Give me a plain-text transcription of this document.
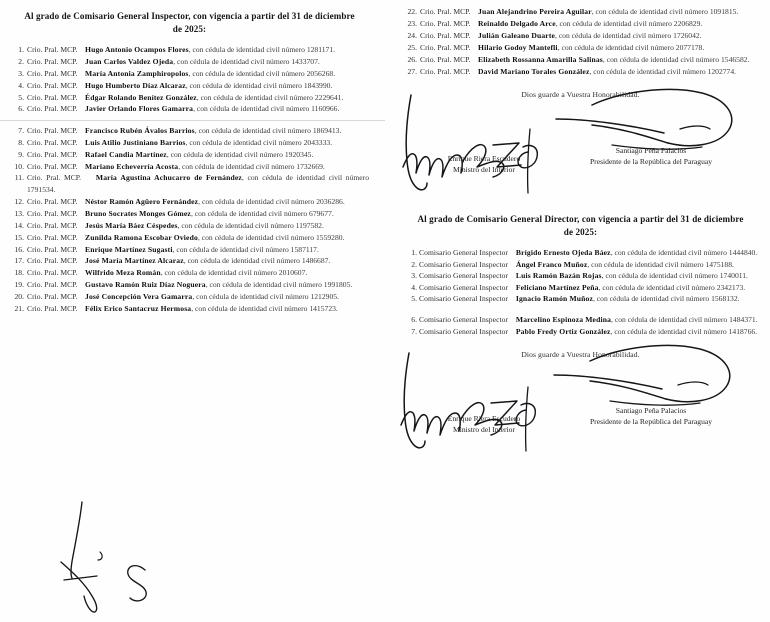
Al grado de Comisario General Inspector, con vigencia a partir del 31 de diciembre de 2025:
1. Crio. Pral. MCP.    Hugo Antonio Ocampos Flores, con cédula de identidad civil número 1281171.
2. Crio. Pral. MCP.    Juan Carlos Valdez Ojeda, con cédula de identidad civil número 1433707.
3. Crio. Pral. MCP.    María Antonia Zamphiropolos, con cédula de identidad civil número 2056268.
4. Crio. Pral. MCP.    Hugo Humberto Díaz Alcaraz, con cédula de identidad civil número 1843990.
5. Crio. Pral. MCP.    Édgar Rolando Benítez González, con cédula de identidad civil número 2229641.
6. Crio. Pral. MCP.    Javier Orlando Flores Gamarra, con cédula de identidad civil número 1160966.
7. Crio. Pral. MCP.    Francisco Rubén Ávalos Barrios, con cédula de identidad civil número 1869413.
8. Crio. Pral. MCP.    Luis Atilio Justiniano Barrios, con cédula de identidad civil número 2043333.
9. Crio. Pral. MCP.    Rafael Candia Martínez, con cédula de identidad civil número 1920345.
10. Crio. Pral. MCP.    Mariano Echeverría Acosta, con cédula de identidad civil número 1732669.
11. Crio. Pral. MCP.    María Agustina Achucarro de Fernández, con cédula de identidad civil número 1791534.
12. Crio. Pral. MCP.    Néstor Ramón Agüero Fernández, con cédula de identidad civil número 2036286.
13. Crio. Pral. MCP.    Bruno Socrates Monges Gómez, con cédula de identidad civil número 679677.
14. Crio. Pral. MCP.    Jesús María Báez Céspedes, con cédula de identidad civil número 1197582.
15. Crio. Pral. MCP.    Zunilda Ramona Escobar Oviedo, con cédula de identidad civil número 1559280.
16. Crio. Pral. MCP.    Enrique Martínez Sugasti, con cédula de identidad civil número 1587117.
17. Crio. Pral. MCP.    José María Martínez Alcaraz, con cédula de identidad civil número 1486687.
18. Crio. Pral. MCP.    Wilfrido Meza Román, con cédula de identidad civil número 2010607.
19. Crio. Pral. MCP.    Gustavo Ramón Ruiz Díaz Noguera, con cédula de identidad civil número 1991805.
20. Crio. Pral. MCP.    José Concepción Vera Gamarra, con cédula de identidad civil número 1212905.
21. Crio. Pral. MCP.    Félix Erico Santacruz Hermosa, con cédula de identidad civil número 1415723.
22. Crio. Pral. MCP.    Juan Alejandrino Pereira Aguilar, con cédula de identidad civil número 1091815.
23. Crio. Pral. MCP.    Reinaldo Delgado Arce, con cédula de identidad civil número 2206829.
24. Crio. Pral. MCP.    Julián Galeano Duarte, con cédula de identidad civil número 1726042.
25. Crio. Pral. MCP.    Hilario Godoy Mantefli, con cédula de identidad civil número 2077178.
26. Crio. Pral. MCP.    Elizabeth Rossanna Amarilla Salinas, con cédula de identidad civil número 1546582.
27. Crio. Pral. MCP.    David Mariano Torales González, con cédula de identidad civil número 1202774.
Dios guarde a Vuestra Honorabilidad.
Enrique Riera Escudero
Ministro del Interior
Santiago Peña Palacios
Presidente de la República del Paraguay
Al grado de Comisario General Director, con vigencia a partir del 31 de diciembre de 2025:
1. Comisario General Inspector    Brígido Ernesto Ojeda Báez, con cédula de identidad civil número 1444840.
2. Comisario General Inspector    Ángel Franco Muñoz, con cédula de identidad civil número 1475188.
3. Comisario General Inspector    Luis Ramón Bazán Rojas, con cédula de identidad civil número 1740011.
4. Comisario General Inspector    Feliciano Martínez Peña, con cédula de identidad civil número 2342173.
5. Comisario General Inspector    Ignacio Ramón Muñoz, con cédula de identidad civil número 1568132.
6. Comisario General Inspector    Marcelino Espinoza Medina, con cédula de identidad civil número 1484371.
7. Comisario General Inspector    Pablo Fredy Ortiz González, con cédula de identidad civil número 1418766.
Dios guarde a Vuestra Honorabilidad.
Enrique Riera Escudero
Ministro del Interior
Santiago Peña Palacios
Presidente de la República del Paraguay
